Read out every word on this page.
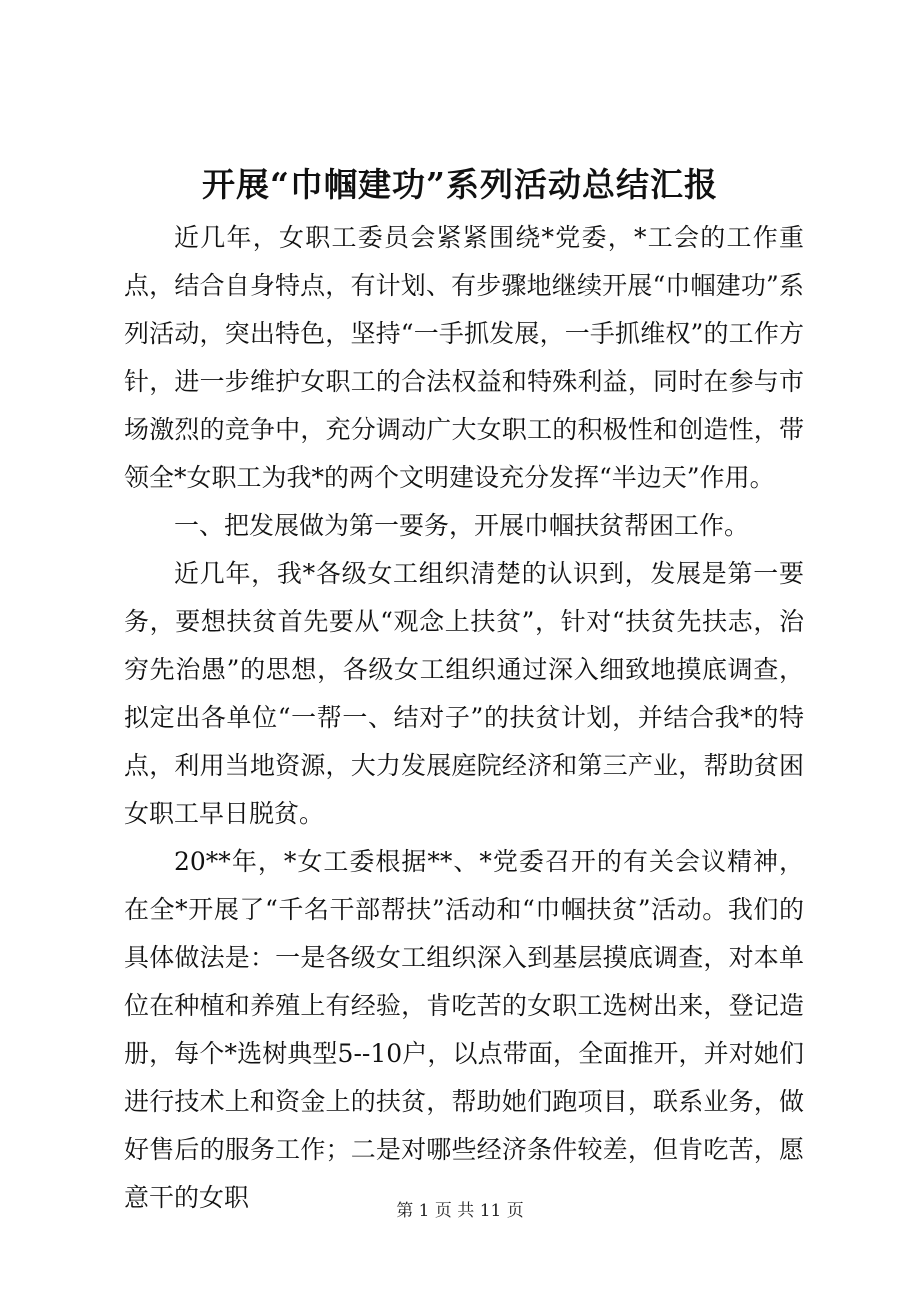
开展“巾帼建功”系列活动总结汇报

近几年，女职工委员会紧紧围绕*党委，*工会的工作重点，结合自身特点，有计划、有步骤地继续开展“巾帼建功”系列活动，突出特色，坚持“一手抓发展，一手抓维权”的工作方针，进一步维护女职工的合法权益和特殊利益，同时在参与市场激烈的竞争中，充分调动广大女职工的积极性和创造性，带领全*女职工为我*的两个文明建设充分发挥“半边天”作用。

一、把发展做为第一要务，开展巾帼扶贫帮困工作。

近几年，我*各级女工组织清楚的认识到，发展是第一要务，要想扶贫首先要从“观念上扶贫”，针对“扶贫先扶志，治穷先治愚”的思想，各级女工组织通过深入细致地摸底调查，拟定出各单位“一帮一、结对子”的扶贫计划，并结合我*的特点，利用当地资源，大力发展庭院经济和第三产业，帮助贫困女职工早日脱贫。

20**年，*女工委根据**、*党委召开的有关会议精神，在全*开展了“千名干部帮扶”活动和“巾帼扶贫”活动。我们的具体做法是：一是各级女工组织深入到基层摸底调查，对本单位在种植和养殖上有经验，肯吃苦的女职工选树出来，登记造册，每个*选树典型5--10户，以点带面，全面推开，并对她们进行技术上和资金上的扶贫，帮助她们跑项目，联系业务，做好售后的服务工作；二是对哪些经济条件较差，但肯吃苦，愿意干的女职	第 1 页 共 11 页
